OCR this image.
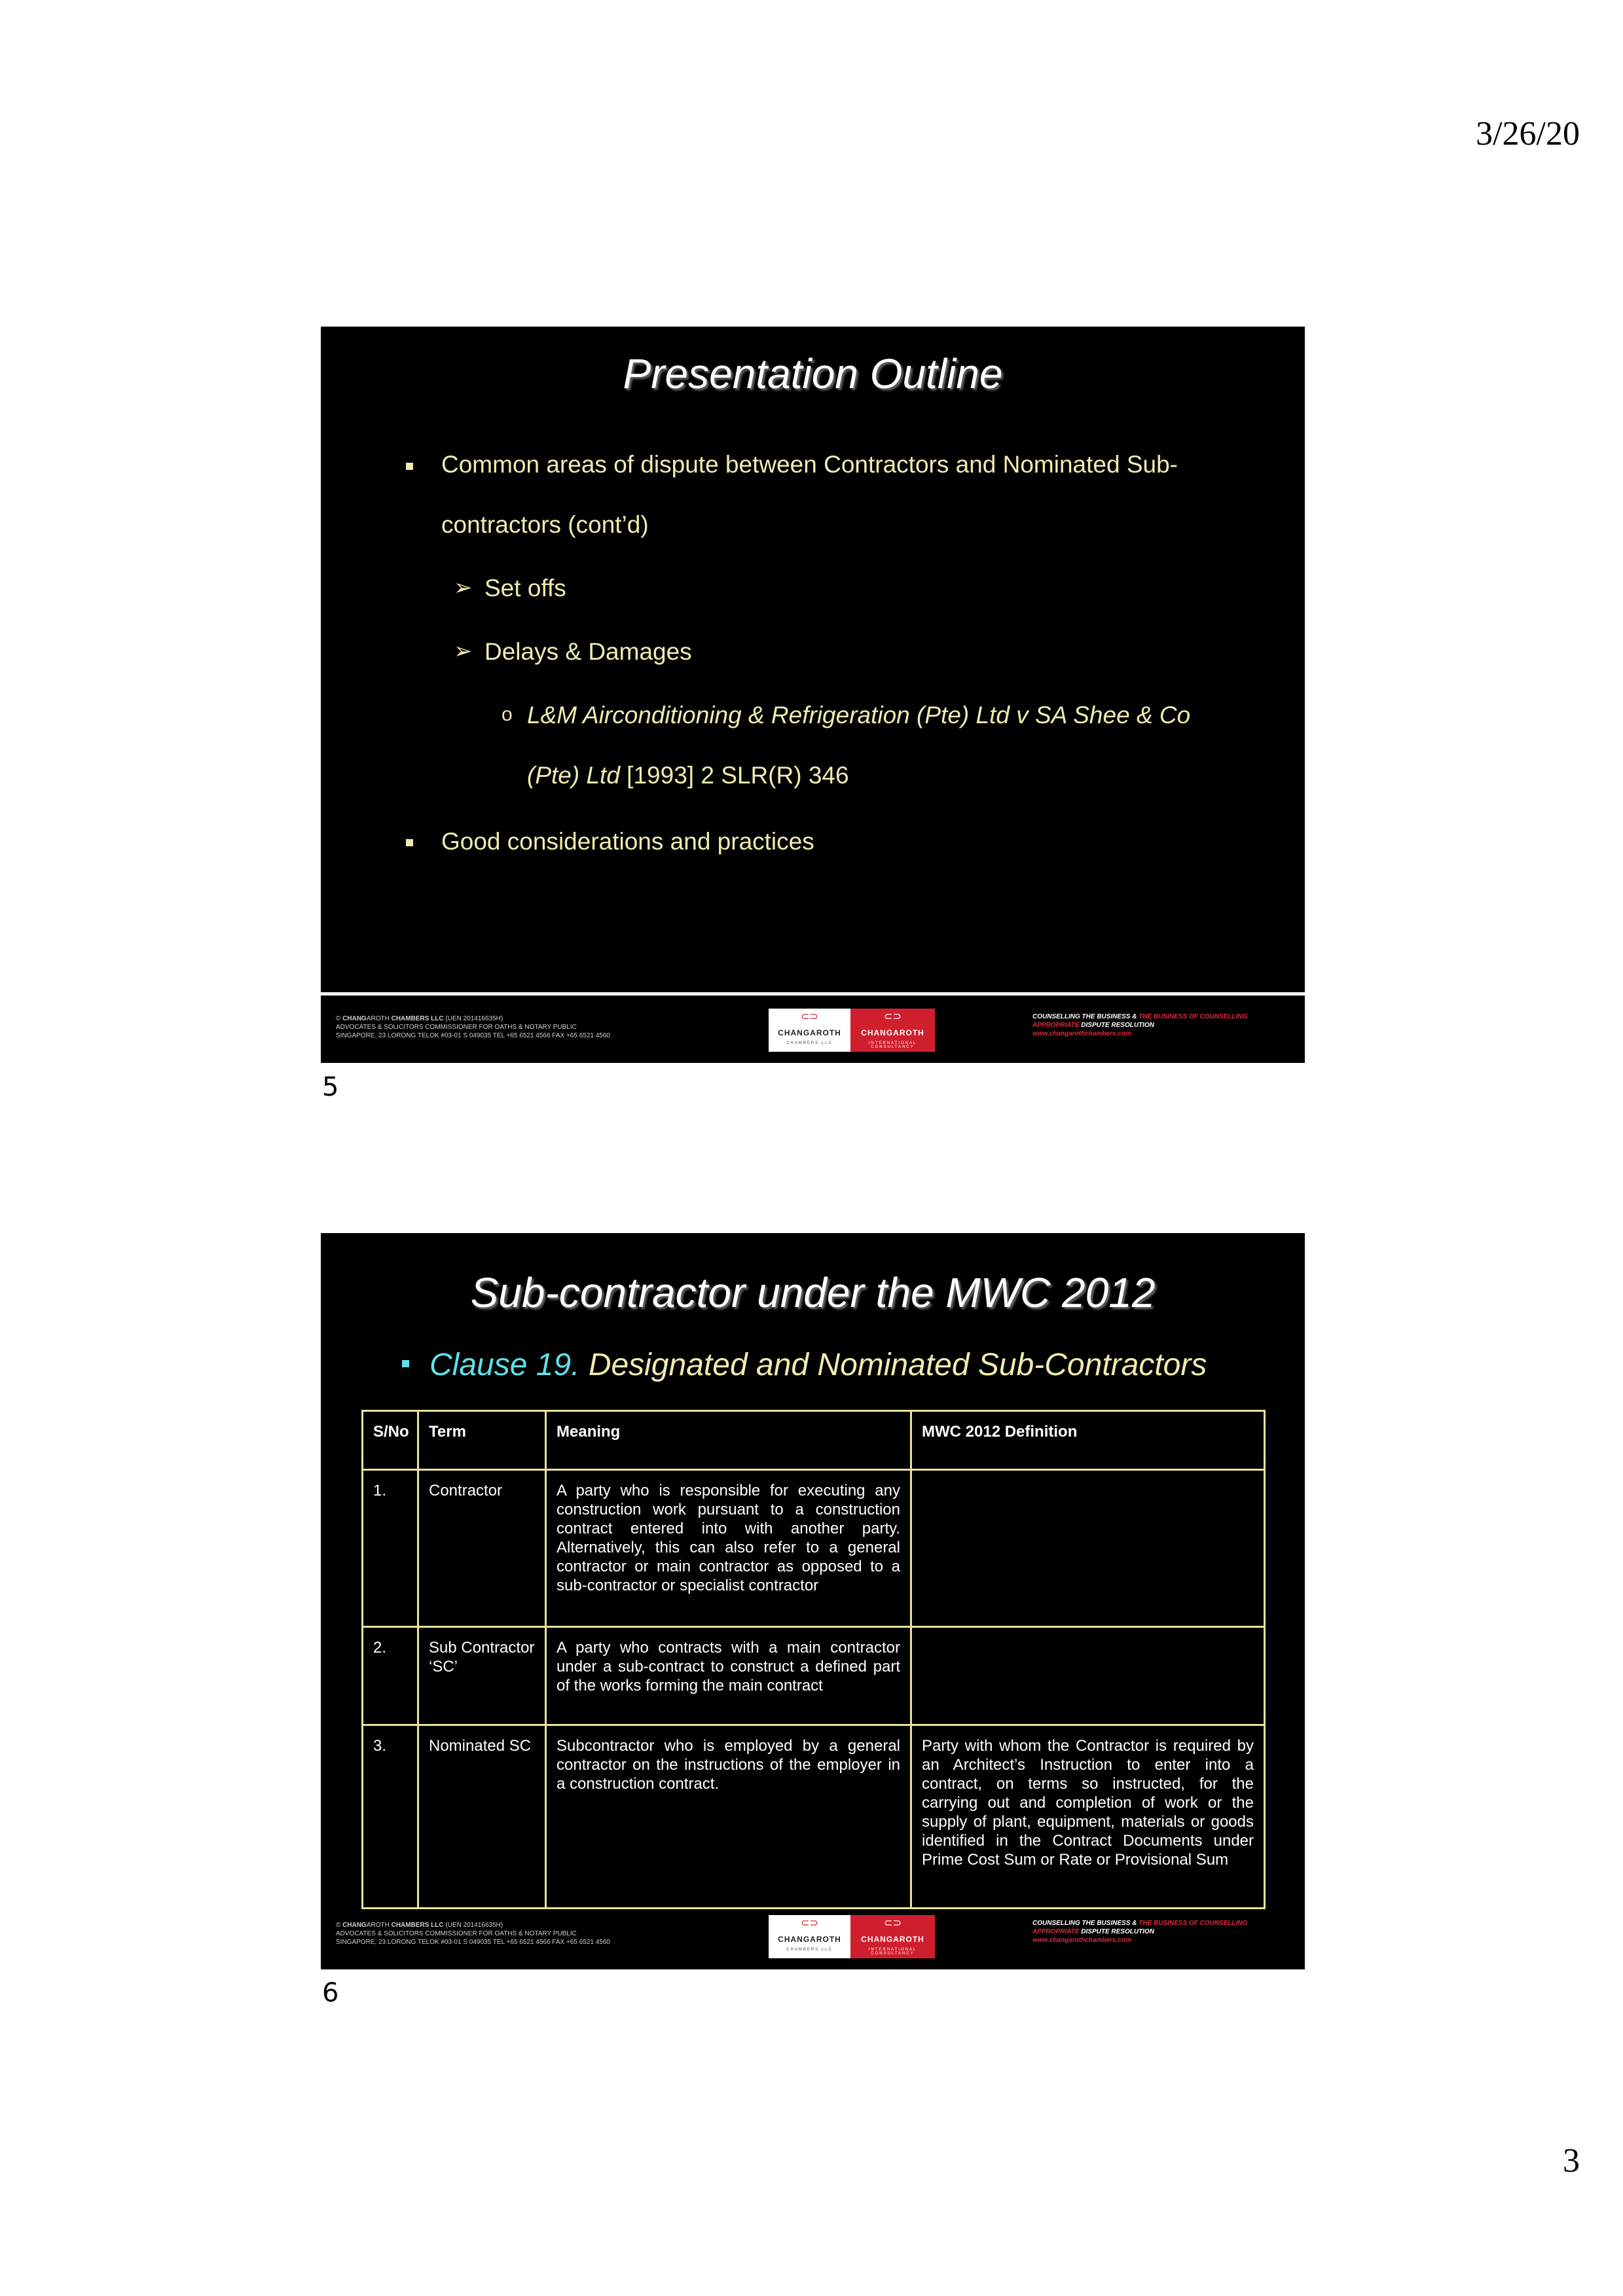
3/26/20
Presentation Outline
Common areas of dispute between Contractors and Nominated Sub-
contractors (cont’d)
➢ Set offs
➢ Delays & Damages
o L&M Airconditioning & Refrigeration (Pte) Ltd v SA Shee & Co
(Pte) Ltd [1993] 2 SLR(R) 346
Good considerations and practices
© CHANGAROTH CHAMBERS LLC (UEN 201416635H)
ADVOCATES & SOLICITORS COMMISSIONER FOR OATHS & NOTARY PUBLIC
SINGAPORE, 23 LORONG TELOK #03-01 S 049035 TEL +65 6521 4566 FAX +65 6521 4560
⊂⊃
CHANGAROTH
CHAMBERS LLC
⊂⊃
CHANGAROTH
INTERNATIONAL CONSULTANCY
COUNSELLING THE BUSINESS & THE BUSINESS OF COUNSELLING
APPROPRIATE DISPUTE RESOLUTION
www.changarothchambers.com
5
Sub-contractor under the MWC 2012
Clause 19. Designated and Nominated Sub-Contractors
S/No	Term	Meaning	MWC 2012 Definition
1.	Contractor	A party who is responsible for executing any construction work pursuant to a construction contract entered into with another party. Alternatively, this can also refer to a general contractor or main contractor as opposed to a sub-contractor or specialist contractor	
2.	Sub Contractor ‘SC’	A party who contracts with a main contractor under a sub-contract to construct a defined part of the works forming the main contract	
3.	Nominated SC	Subcontractor who is employed by a general contractor on the instructions of the employer in a construction contract.	Party with whom the Contractor is required by an Architect’s Instruction to enter into a contract, on terms so instructed, for the carrying out and completion of work or the supply of plant, equipment, materials or goods identified in the Contract Documents under Prime Cost Sum or Rate or Provisional Sum
© CHANGAROTH CHAMBERS LLC (UEN 201416635H)
ADVOCATES & SOLICITORS COMMISSIONER FOR OATHS & NOTARY PUBLIC
SINGAPORE, 23 LORONG TELOK #03-01 S 049035 TEL +65 6521 4566 FAX +65 6521 4560
⊂⊃
CHANGAROTH
CHAMBERS LLC
⊂⊃
CHANGAROTH
INTERNATIONAL CONSULTANCY
COUNSELLING THE BUSINESS & THE BUSINESS OF COUNSELLING
APPROPRIATE DISPUTE RESOLUTION
www.changarothchambers.com
6
3
